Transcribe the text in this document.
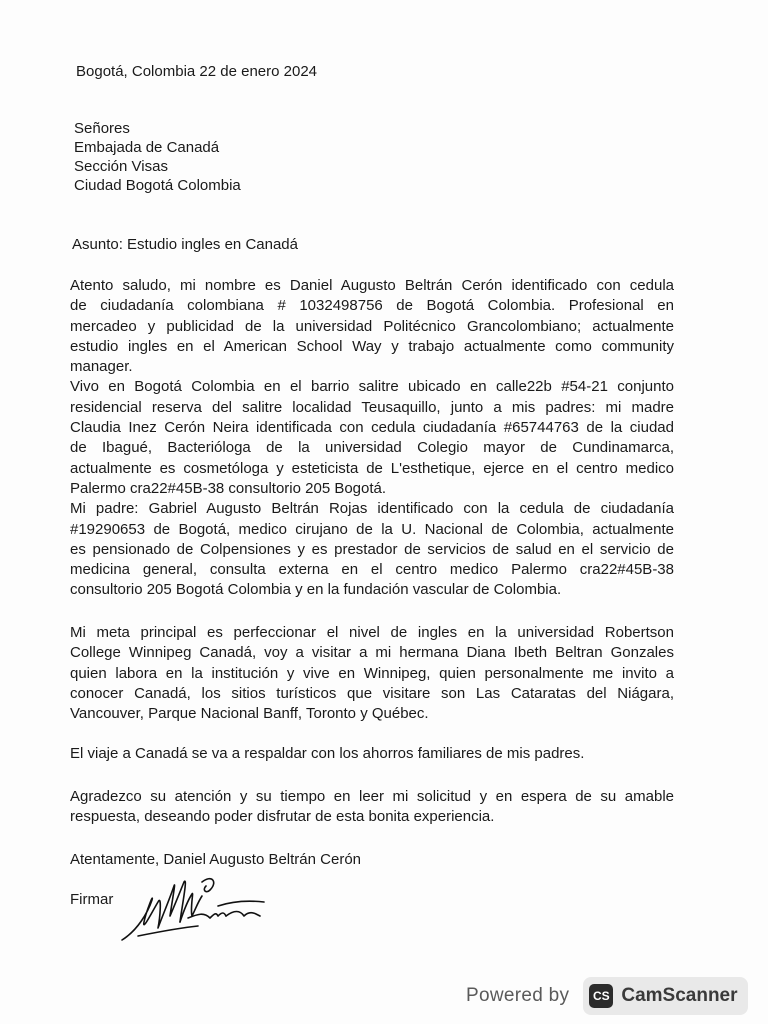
Bogotá, Colombia 22 de enero 2024

Señores
Embajada de Canadá
Sección Visas
Ciudad Bogotá Colombia

Asunto: Estudio ingles en Canadá

Atento saludo, mi nombre es Daniel Augusto Beltrán Cerón identificado con cedula
de ciudadanía colombiana # 1032498756 de Bogotá Colombia. Profesional en
mercadeo y publicidad de la universidad Politécnico Grancolombiano; actualmente
estudio ingles en el American School Way y trabajo actualmente como community
manager.
Vivo en Bogotá Colombia en el barrio salitre ubicado en calle22b #54-21 conjunto
residencial reserva del salitre localidad Teusaquillo, junto a mis padres: mi madre
Claudia Inez Cerón Neira identificada con cedula ciudadanía #65744763 de la ciudad
de Ibagué, Bacterióloga de la universidad Colegio mayor de Cundinamarca,
actualmente es cosmetóloga y esteticista de L'esthetique, ejerce en el centro medico
Palermo cra22#45B-38 consultorio 205 Bogotá.
Mi padre: Gabriel Augusto Beltrán Rojas identificado con la cedula de ciudadanía
#19290653 de Bogotá, medico cirujano de la U. Nacional de Colombia, actualmente
es pensionado de Colpensiones y es prestador de servicios de salud en el servicio de
medicina general, consulta externa en el centro medico Palermo cra22#45B-38
consultorio 205 Bogotá Colombia y en la fundación vascular de Colombia.
Mi meta principal es perfeccionar el nivel de ingles en la universidad Robertson
College Winnipeg Canadá, voy a visitar a mi hermana Diana Ibeth Beltran Gonzales
quien labora en la institución y vive en Winnipeg, quien personalmente me invito a
conocer Canadá, los sitios turísticos que visitare son Las Cataratas del Niágara,
Vancouver, Parque Nacional Banff, Toronto y Québec.

El viaje a Canadá se va a respaldar con los ahorros familiares de mis padres.

Agradezco su atención y su tiempo en leer mi solicitud y en espera de su amable
respuesta, deseando poder disfrutar de esta bonita experiencia.

Atentamente, Daniel Augusto Beltrán Cerón

Firmar

Powered by	CS CamScanner
